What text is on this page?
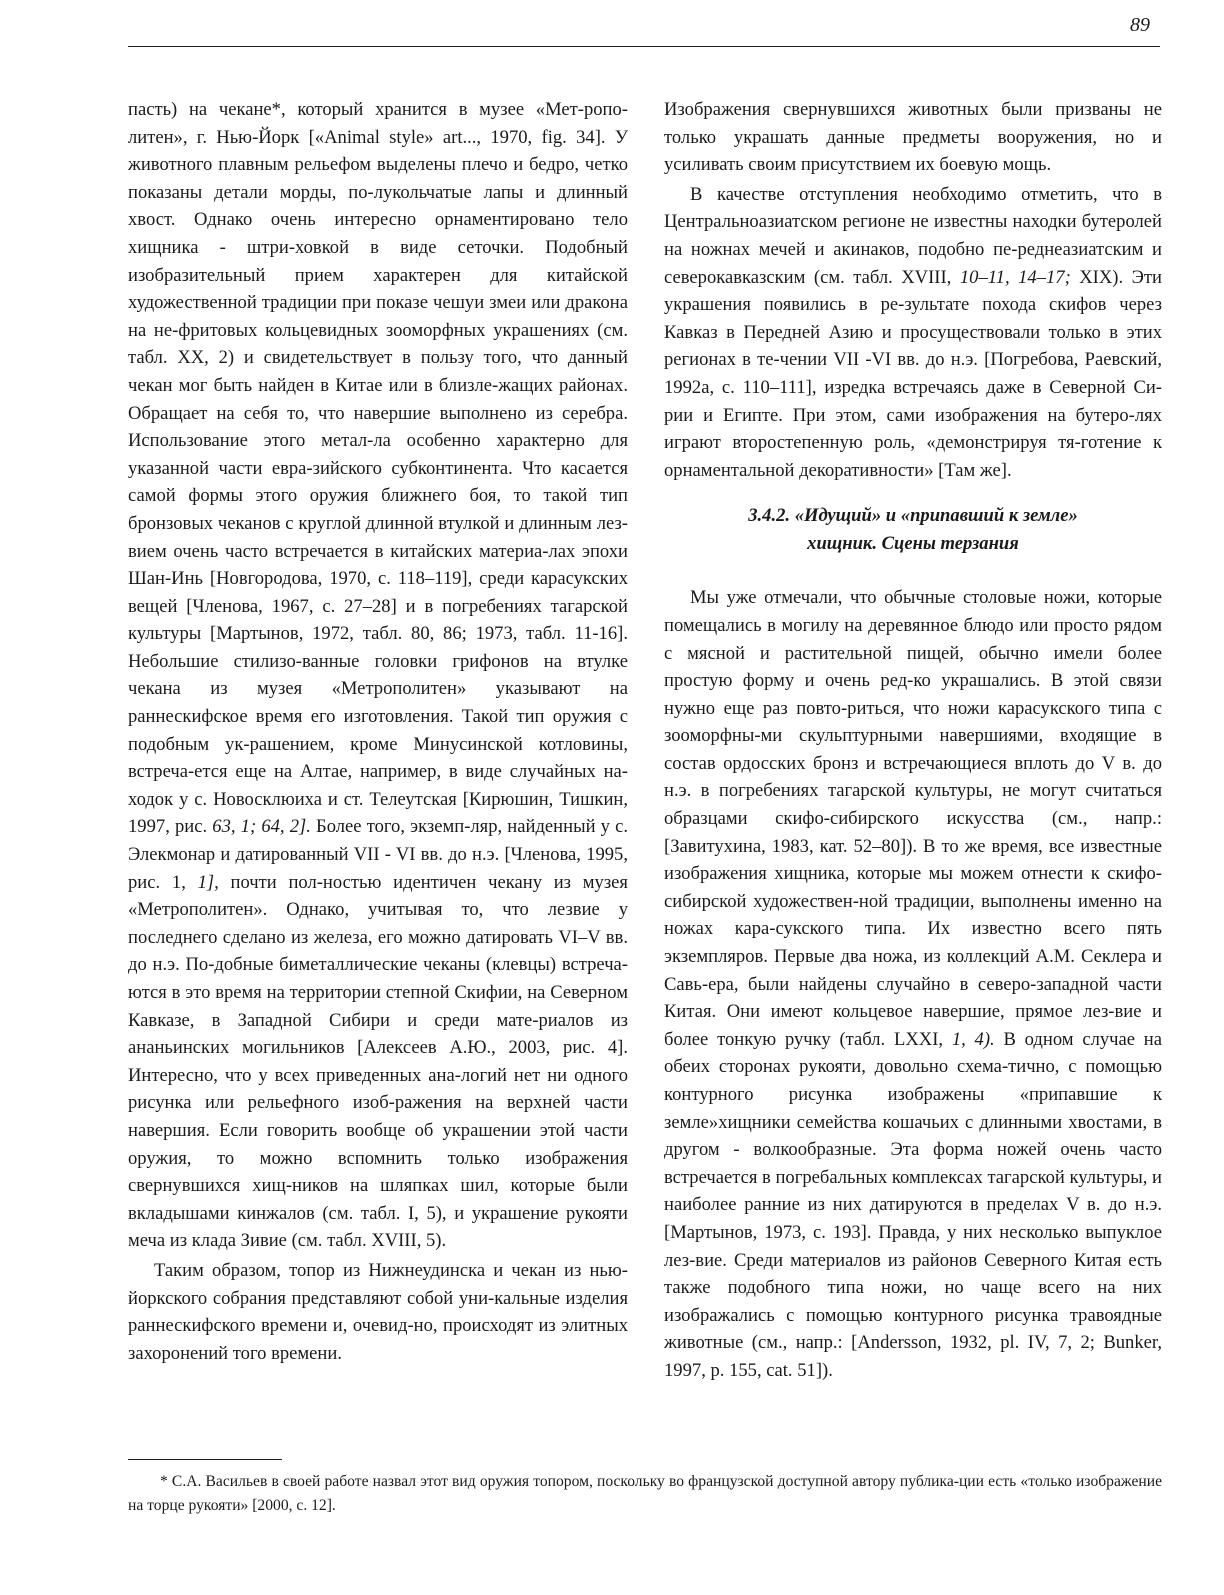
89

пасть) на чекане*, который хранится в музее «Мет-рополитен», г. Нью-Йорк [«Animal style» art..., 1970, fig. 34]. У животного плавным рельефом выделены плечо и бедро, четко показаны детали морды, по-лукольчатые лапы и длинный хвост. Однако очень интересно орнаментировано тело хищника - штри-ховкой в виде сеточки. Подобный изобразительный прием характерен для китайской художественной традиции при показе чешуи змеи или дракона на не-фритовых кольцевидных зооморфных украшениях (см. табл. XX, 2) и свидетельствует в пользу того, что данный чекан мог быть найден в Китае или в близле-жащих районах. Обращает на себя то, что навершие выполнено из серебра. Использование этого метал-ла особенно характерно для указанной части евра-зийского субконтинента. Что касается самой формы этого оружия ближнего боя, то такой тип бронзовых чеканов с круглой длинной втулкой и длинным лез-вием очень часто встречается в китайских материа-лах эпохи Шан-Инь [Новгородова, 1970, с. 118–119], среди карасукских вещей [Членова, 1967, с. 27–28] и в погребениях тагарской культуры [Мартынов, 1972, табл. 80, 86; 1973, табл. 11-16]. Небольшие стилизо-ванные головки грифонов на втулке чекана из музея «Метрополитен» указывают на раннескифское время его изготовления. Такой тип оружия с подобным ук-рашением, кроме Минусинской котловины, встреча-ется еще на Алтае, например, в виде случайных на-ходок у с. Новосклюиха и ст. Телеутская [Кирюшин, Тишкин, 1997, рис. 63, 1; 64, 2]. Более того, экземп-ляр, найденный у с. Элекмонар и датированный VII - VI вв. до н.э. [Членова, 1995, рис. 1, 1], почти пол-ностью идентичен чекану из музея «Метрополитен». Однако, учитывая то, что лезвие у последнего сделано из железа, его можно датировать VI–V вв. до н.э. По-добные биметаллические чеканы (клевцы) встреча-ются в это время на территории степной Скифии, на Северном Кавказе, в Западной Сибири и среди мате-риалов из ананьинских могильников [Алексеев А.Ю., 2003, рис. 4]. Интересно, что у всех приведенных ана-логий нет ни одного рисунка или рельефного изоб-ражения на верхней части навершия. Если говорить вообще об украшении этой части оружия, то можно вспомнить только изображения свернувшихся хищ-ников на шляпках шил, которые были вкладышами кинжалов (см. табл. I, 5), и украшение рукояти меча из клада Зивие (см. табл. XVIII, 5).

Таким образом, топор из Нижнеудинска и чекан из нью-йоркского собрания представляют собой уни-кальные изделия раннескифского времени и, очевид-но, происходят из элитных захоронений того времени.

Изображения свернувшихся животных были призваны не только украшать данные предметы вооружения, но и усиливать своим присутствием их боевую мощь.

В качестве отступления необходимо отметить, что в Центральноазиатском регионе не известны находки бутеролей на ножнах мечей и акинаков, подобно пе-реднеазиатским и северокавказским (см. табл. XVIII, 10–11, 14–17; XIX). Эти украшения появились в ре-зультате похода скифов через Кавказ в Передней Азию и просуществовали только в этих регионах в те-чении VII -VI вв. до н.э. [Погребова, Раевский, 1992а, с. 110–111], изредка встречаясь даже в Северной Си-рии и Египте. При этом, сами изображения на бутеро-лях играют второстепенную роль, «демонстрируя тя-готение к орнаментальной декоративности» [Там же].

3.4.2. «Идущий» и «припавший к земле»
хищник. Сцены терзания

Мы уже отмечали, что обычные столовые ножи, которые помещались в могилу на деревянное блюдо или просто рядом с мясной и растительной пищей, обычно имели более простую форму и очень ред-ко украшались. В этой связи нужно еще раз повто-риться, что ножи карасукского типа с зооморфны-ми скульптурными навершиями, входящие в состав ордосских бронз и встречающиеся вплоть до V в. до н.э. в погребениях тагарской культуры, не могут считаться образцами скифо-сибирского искусства (см., напр.: [Завитухина, 1983, кат. 52–80]). В то же время, все известные изображения хищника, которые мы можем отнести к скифо-сибирской художествен-ной традиции, выполнены именно на ножах кара-сукского типа. Их известно всего пять экземпляров. Первые два ножа, из коллекций А.М. Секлера и Савь-ера, были найдены случайно в северо-западной части Китая. Они имеют кольцевое навершие, прямое лез-вие и более тонкую ручку (табл. LXXI, 1, 4). В одном случае на обеих сторонах рукояти, довольно схема-тично, с помощью контурного рисунка изображены «припавшие к земле»хищники семейства кошачьих с длинными хвостами, в другом - волкообразные. Эта форма ножей очень часто встречается в погребальных комплексах тагарской культуры, и наиболее ранние из них датируются в пределах V в. до н.э. [Мартынов, 1973, с. 193]. Правда, у них несколько выпуклое лез-вие. Среди материалов из районов Северного Китая есть также подобного типа ножи, но чаще всего на них изображались с помощью контурного рисунка травоядные животные (см., напр.: [Andersson, 1932, pl. IV, 7, 2; Bunker, 1997, p. 155, cat. 51]).

* С.А. Васильев в своей работе назвал этот вид оружия топором, поскольку во французской доступной автору публика-ции есть «только изображение на торце рукояти» [2000, с. 12].
